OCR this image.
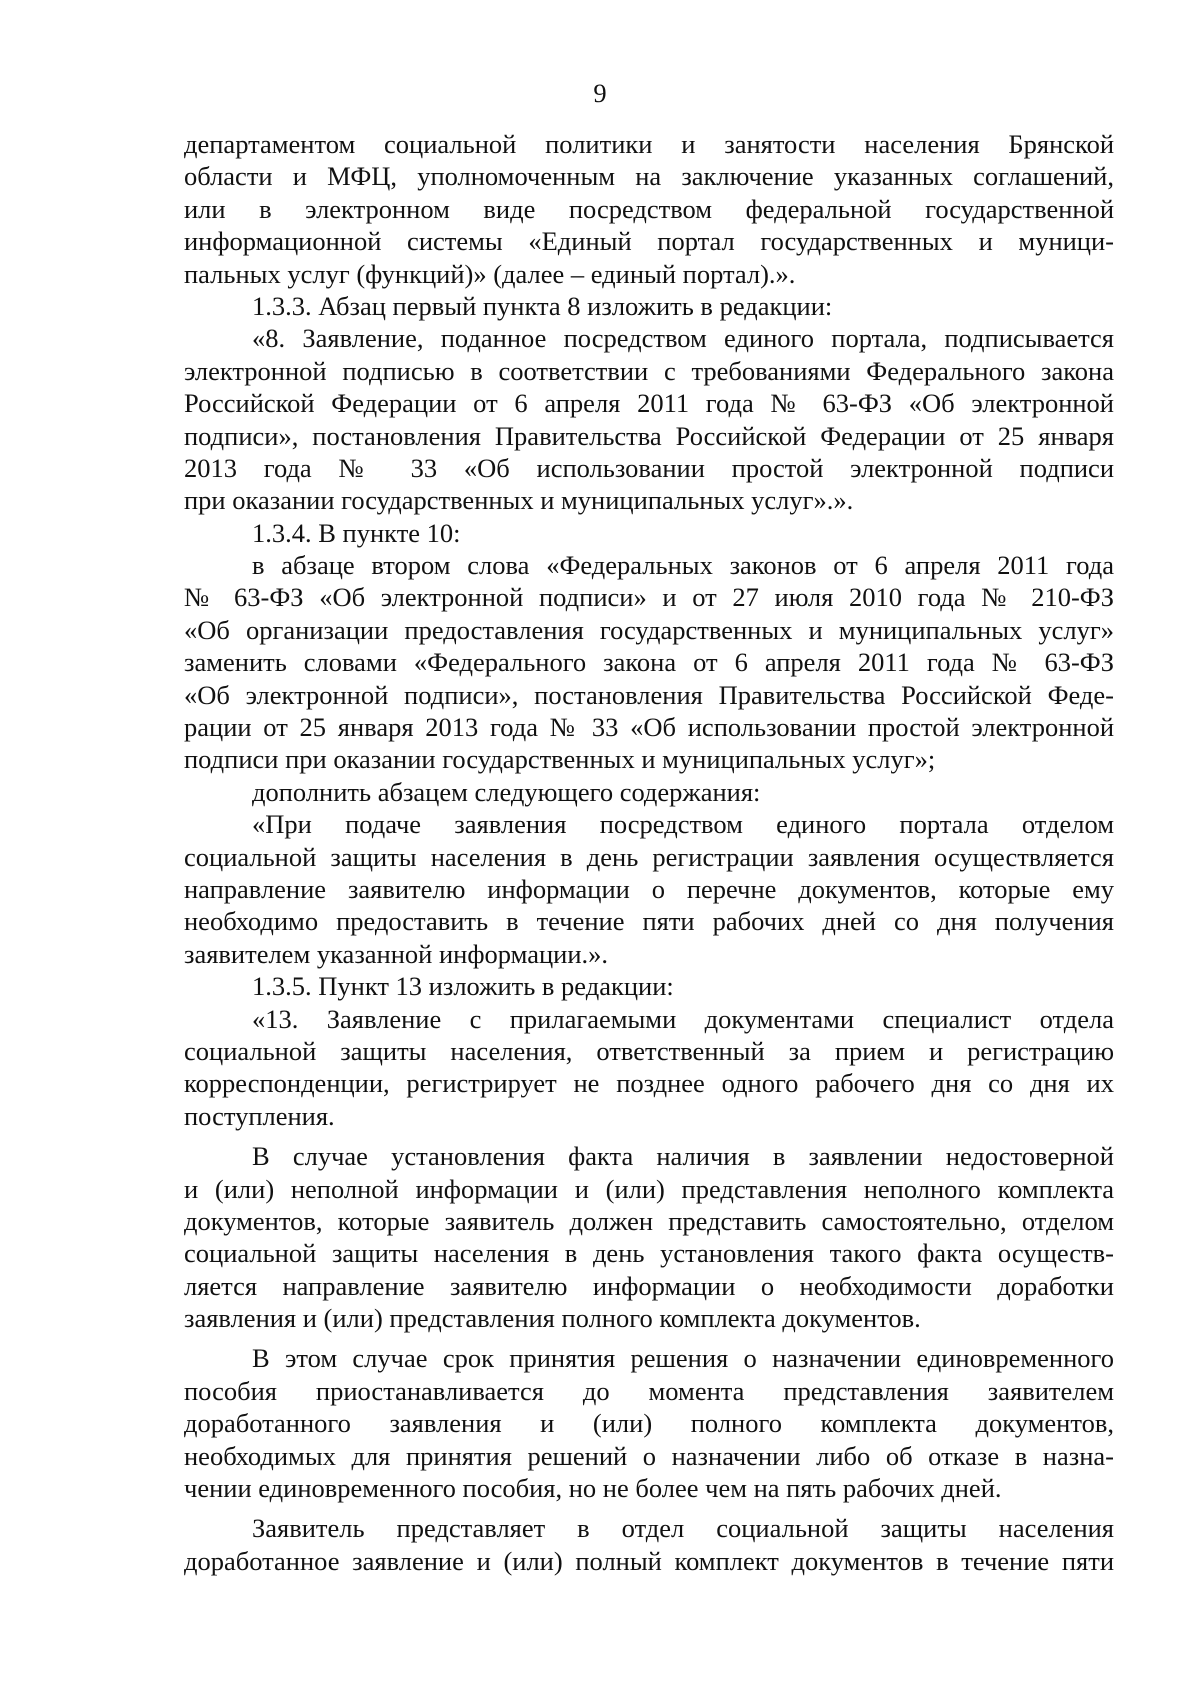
9
департаментом социальной политики и занятости населения Брянской
области и МФЦ, уполномоченным на заключение указанных соглашений,
или в электронном виде посредством федеральной государственной
информационной системы «Единый портал государственных и муници-
пальных услуг (функций)» (далее – единый портал).».
1.3.3. Абзац первый пункта 8 изложить в редакции:
«8. Заявление, поданное посредством единого портала, подписывается
электронной подписью в соответствии с требованиями Федерального закона
Российской Федерации от 6 апреля 2011 года № 63-ФЗ «Об электронной
подписи», постановления Правительства Российской Федерации от 25 января
2013 года № 33 «Об использовании простой электронной подписи
при оказании государственных и муниципальных услуг».».
1.3.4. В пункте 10:
в абзаце втором слова «Федеральных законов от 6 апреля 2011 года
№ 63-ФЗ «Об электронной подписи» и от 27 июля 2010 года № 210-ФЗ
«Об организации предоставления государственных и муниципальных услуг»
заменить словами «Федерального закона от 6 апреля 2011 года № 63-ФЗ
«Об электронной подписи», постановления Правительства Российской Феде-
рации от 25 января 2013 года № 33 «Об использовании простой электронной
подписи при оказании государственных и муниципальных услуг»;
дополнить абзацем следующего содержания:
«При подаче заявления посредством единого портала отделом
социальной защиты населения в день регистрации заявления осуществляется
направление заявителю информации о перечне документов, которые ему
необходимо предоставить в течение пяти рабочих дней со дня получения
заявителем указанной информации.».
1.3.5. Пункт 13 изложить в редакции:
«13. Заявление с прилагаемыми документами специалист отдела
социальной защиты населения, ответственный за прием и регистрацию
корреспонденции, регистрирует не позднее одного рабочего дня со дня их
поступления.
В случае установления факта наличия в заявлении недостоверной
и (или) неполной информации и (или) представления неполного комплекта
документов, которые заявитель должен представить самостоятельно, отделом
социальной защиты населения в день установления такого факта осуществ-
ляется направление заявителю информации о необходимости доработки
заявления и (или) представления полного комплекта документов.
В этом случае срок принятия решения о назначении единовременного
пособия приостанавливается до момента представления заявителем
доработанного заявления и (или) полного комплекта документов,
необходимых для принятия решений о назначении либо об отказе в назна-
чении единовременного пособия, но не более чем на пять рабочих дней.
Заявитель представляет в отдел социальной защиты населения
доработанное заявление и (или) полный комплект документов в течение пяти
